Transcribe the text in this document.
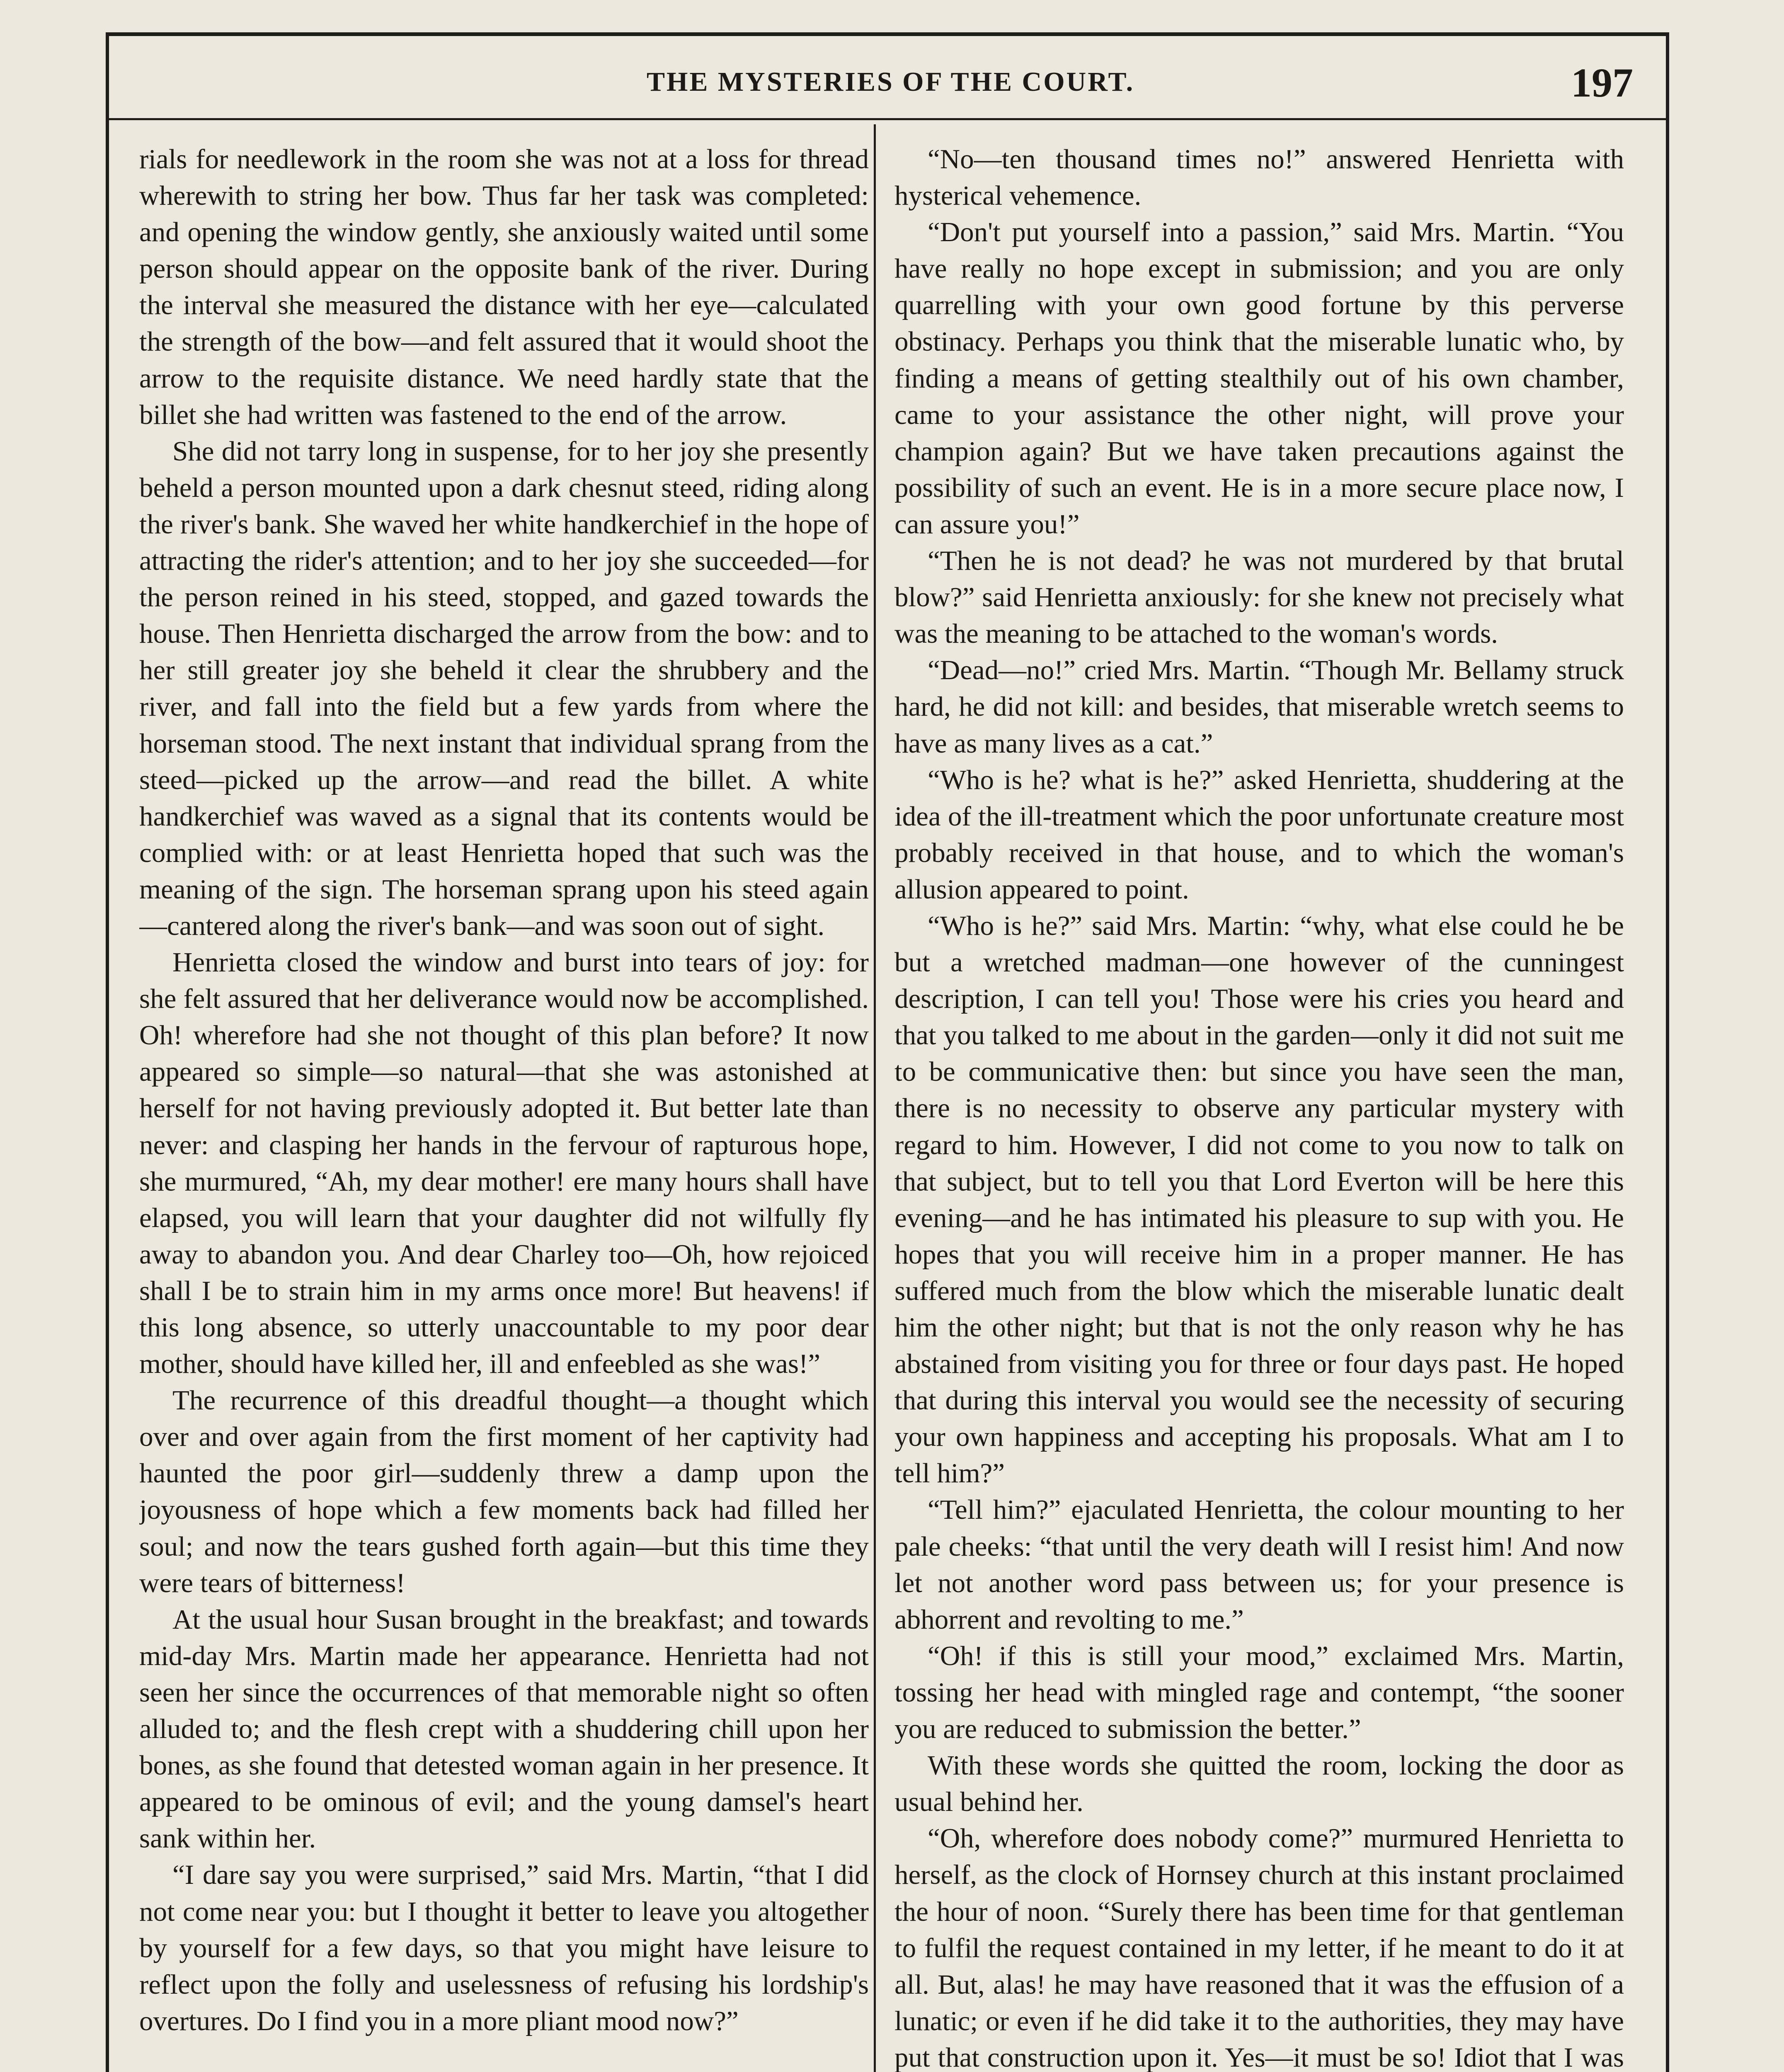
THE MYSTERIES OF THE COURT.	197

rials for needlework in the room she was not at a loss for thread wherewith to string her bow. Thus far her task was completed: and opening the window gently, she anxiously waited until some person should appear on the opposite bank of the river. During the interval she measured the distance with her eye—calculated the strength of the bow—and felt assured that it would shoot the arrow to the requisite distance. We need hardly state that the billet she had written was fastened to the end of the arrow.

She did not tarry long in suspense, for to her joy she presently beheld a person mounted upon a dark chesnut steed, riding along the river's bank. She waved her white handkerchief in the hope of attracting the rider's attention; and to her joy she succeeded—for the person reined in his steed, stopped, and gazed towards the house. Then Henrietta discharged the arrow from the bow: and to her still greater joy she beheld it clear the shrubbery and the river, and fall into the field but a few yards from where the horseman stood. The next instant that individual sprang from the steed—picked up the arrow—and read the billet. A white handkerchief was waved as a signal that its contents would be complied with: or at least Henrietta hoped that such was the meaning of the sign. The horseman sprang upon his steed again—cantered along the river's bank—and was soon out of sight.

Henrietta closed the window and burst into tears of joy: for she felt assured that her deliverance would now be accomplished. Oh! wherefore had she not thought of this plan before? It now appeared so simple—so natural—that she was astonished at herself for not having previously adopted it. But better late than never: and clasping her hands in the fervour of rapturous hope, she murmured, “Ah, my dear mother! ere many hours shall have elapsed, you will learn that your daughter did not wilfully fly away to abandon you. And dear Charley too—Oh, how rejoiced shall I be to strain him in my arms once more! But heavens! if this long absence, so utterly unaccountable to my poor dear mother, should have killed her, ill and enfeebled as she was!”

The recurrence of this dreadful thought—a thought which over and over again from the first moment of her captivity had haunted the poor girl—suddenly threw a damp upon the joyousness of hope which a few moments back had filled her soul; and now the tears gushed forth again—but this time they were tears of bitterness!

At the usual hour Susan brought in the breakfast; and towards mid-day Mrs. Martin made her appearance. Henrietta had not seen her since the occurrences of that memorable night so often alluded to; and the flesh crept with a shuddering chill upon her bones, as she found that detested woman again in her presence. It appeared to be ominous of evil; and the young damsel's heart sank within her.

“I dare say you were surprised,” said Mrs. Martin, “that I did not come near you: but I thought it better to leave you altogether by yourself for a few days, so that you might have leisure to reflect upon the folly and uselessness of refusing his lordship's overtures. Do I find you in a more pliant mood now?”

“No—ten thousand times no!” answered Henrietta with hysterical vehemence.

“Don't put yourself into a passion,” said Mrs. Martin. “You have really no hope except in submission; and you are only quarrelling with your own good fortune by this perverse obstinacy. Perhaps you think that the miserable lunatic who, by finding a means of getting stealthily out of his own chamber, came to your assistance the other night, will prove your champion again? But we have taken precautions against the possibility of such an event. He is in a more secure place now, I can assure you!”

“Then he is not dead? he was not murdered by that brutal blow?” said Henrietta anxiously: for she knew not precisely what was the meaning to be attached to the woman's words.

“Dead—no!” cried Mrs. Martin. “Though Mr. Bellamy struck hard, he did not kill: and besides, that miserable wretch seems to have as many lives as a cat.”

“Who is he? what is he?” asked Henrietta, shuddering at the idea of the ill-treatment which the poor unfortunate creature most probably received in that house, and to which the woman's allusion appeared to point.

“Who is he?” said Mrs. Martin: “why, what else could he be but a wretched madman—one however of the cunningest description, I can tell you! Those were his cries you heard and that you talked to me about in the garden—only it did not suit me to be communicative then: but since you have seen the man, there is no necessity to observe any particular mystery with regard to him. However, I did not come to you now to talk on that subject, but to tell you that Lord Everton will be here this evening—and he has intimated his pleasure to sup with you. He hopes that you will receive him in a proper manner. He has suffered much from the blow which the miserable lunatic dealt him the other night; but that is not the only reason why he has abstained from visiting you for three or four days past. He hoped that during this interval you would see the necessity of securing your own happiness and accepting his proposals. What am I to tell him?”

“Tell him?” ejaculated Henrietta, the colour mounting to her pale cheeks: “that until the very death will I resist him! And now let not another word pass between us; for your presence is abhorrent and revolting to me.”

“Oh! if this is still your mood,” exclaimed Mrs. Martin, tossing her head with mingled rage and contempt, “the sooner you are reduced to submission the better.”

With these words she quitted the room, locking the door as usual behind her.

“Oh, wherefore does nobody come?” murmured Henrietta to herself, as the clock of Hornsey church at this instant proclaimed the hour of noon. “Surely there has been time for that gentleman to fulfil the request contained in my letter, if he meant to do it at all. But, alas! he may have reasoned that it was the effusion of a lunatic; or even if he did take it to the authorities, they may have put that construction upon it. Yes—it must be so! Idiot that I was
